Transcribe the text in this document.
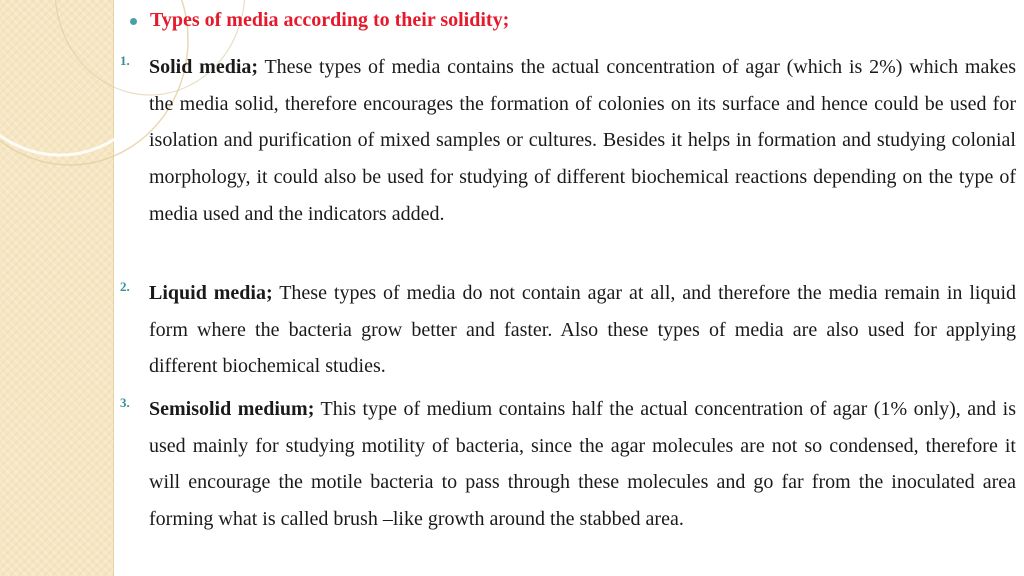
Types of media according to their solidity;
1. Solid media; These types of media contains the actual concentration of agar (which is 2%) which makes the media solid, therefore encourages the formation of colonies on its surface and hence could be used for isolation and purification of mixed samples or cultures. Besides it helps in formation and studying colonial morphology, it could also be used for studying of different biochemical reactions depending on the type of media used and the indicators added.
2. Liquid media; These types of media do not contain agar at all, and therefore the media remain in liquid form where the bacteria grow better and faster. Also these types of media are also used for applying different biochemical studies.
3. Semisolid medium; This type of medium contains half the actual concentration of agar (1% only), and is used mainly for studying motility of bacteria, since the agar molecules are not so condensed, therefore it will encourage the motile bacteria to pass through these molecules and go far from the inoculated area forming what is called brush –like growth around the stabbed area.
